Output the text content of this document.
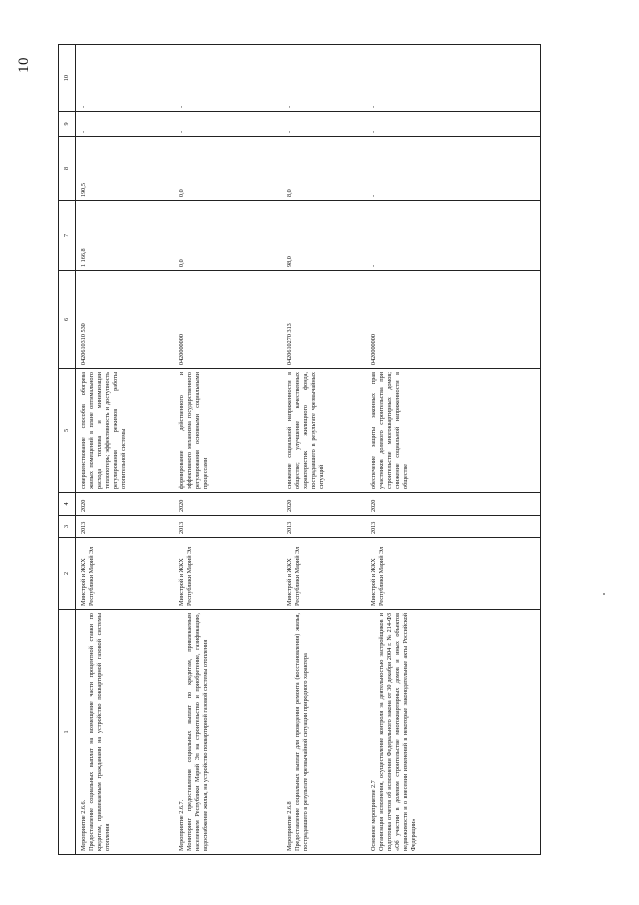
10
1	2	3	4	5	6	7	8	9	10

Мероприятие 2.6.6. Предоставление социальных выплат на возмещение части процентной ставки по кредитам, привлекаемым гражданами на устройство поквартирной газовой системы отопления	Минстрой и ЖКХ Республики Марий Эл	2013	2020	совершенствование способов обогрева жилых помещений в плане оптимального расхода топлива и минимизации теплопотерь; эффективность и доступность регулирования режимов работы отопительной системы	0420610310 530	1 166,8	190,5	-	-

Мероприятие 2.6.7. Мониторинг предоставления социальных выплат по кредитам, привлекаемым населением Республики Марий Эл на строительство и приобретение, газификацию, водоснабжение жилья, на устройство поквартирной газовой системы отопления	Минстрой и ЖКХ Республики Марий Эл	2013	2020	формирование действенного и эффективного механизма государственного регулирования основными социальными процессами	0420000000	0,0	0,0	-	-

Мероприятие 2.6.8 Предоставление социальных выплат для проведения ремонта (восстановления) жилья, пострадавшего в результате чрезвычайной ситуации природного характера	Минстрой и ЖКХ Республики Марий Эл	2013	2020	снижение социальной напряженности в обществе; улучшение качественных характеристик жилищного фонда, пострадавшего в результате чрезвычайных ситуаций	0420610270 313	98,0	8,0	-	-

Основное мероприятие 2.7 Организация исполнения, осуществление контроля за деятельностью застройщиков и подготовка отчетов об исполнении Федерального закона от 30 декабря 2004 г. № 214-ФЗ «Об участии в долевом строительстве многоквартирных домов и иных объектов недвижимости и о внесении изменений в некоторые законодательные акты Российской Федерации»	Минстрой и ЖКХ Республики Марий Эл	2013	2020	обеспечение защиты законных прав участников долевого строительства при строительстве многоквартирных домов; снижение социальной напряженности в обществе	0420000000	-	-	-	-
